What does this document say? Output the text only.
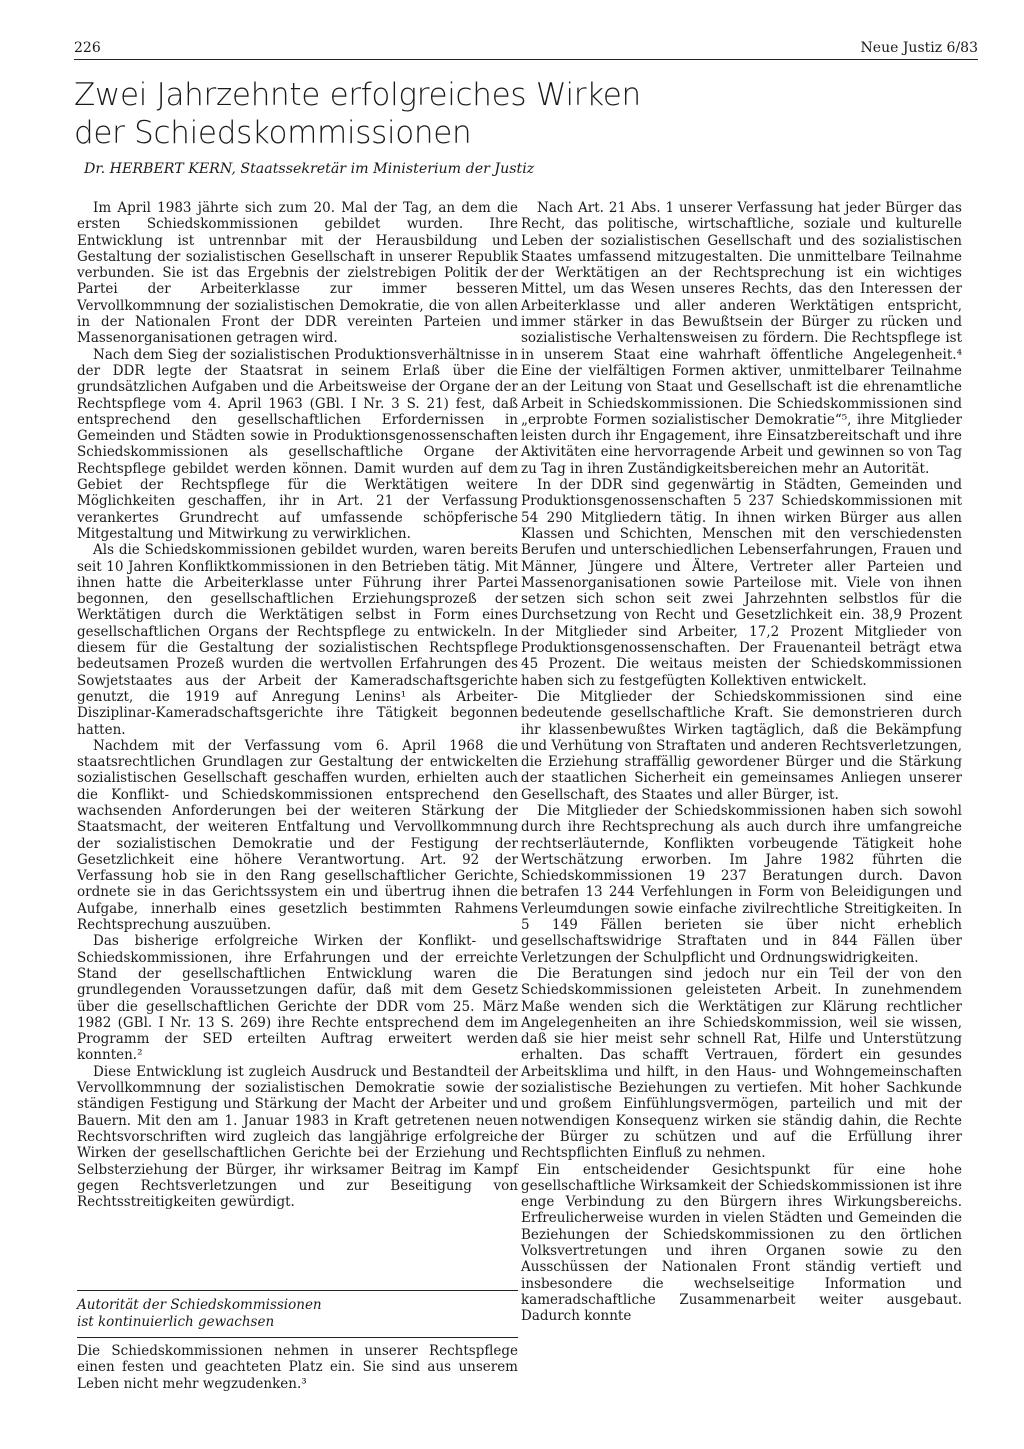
226	Neue Justiz 6/83
Zwei Jahrzehnte erfolgreiches Wirken
der Schiedskommissionen
Dr. HERBERT KERN, Staatssekretär im Ministerium der Justiz

Im April 1983 jährte sich zum 20. Mal der Tag, an dem die ersten Schiedskommissionen gebildet wurden. Ihre Entwicklung ist untrennbar mit der Herausbildung und Gestaltung der sozialistischen Gesellschaft in unserer Republik verbunden. Sie ist das Ergebnis der zielstrebigen Politik der Partei der Arbeiterklasse zur immer besseren Vervollkommnung der sozialistischen Demokratie, die von allen in der Nationalen Front der DDR vereinten Parteien und Massenorganisationen getragen wird.

Nach dem Sieg der sozialistischen Produktionsverhältnisse in der DDR legte der Staatsrat in seinem Erlaß über die grundsätzlichen Aufgaben und die Arbeitsweise der Organe der Rechtspflege vom 4. April 1963 (GBl. I Nr. 3 S. 21) fest, daß entsprechend den gesellschaftlichen Erfordernissen in Gemeinden und Städten sowie in Produktionsgenossenschaften Schiedskommissionen als gesellschaftliche Organe der Rechtspflege gebildet werden können. Damit wurden auf dem Gebiet der Rechtspflege für die Werktätigen weitere Möglichkeiten geschaffen, ihr in Art. 21 der Verfassung verankertes Grundrecht auf umfassende schöpferische Mitgestaltung und Mitwirkung zu verwirklichen.

Als die Schiedskommissionen gebildet wurden, waren bereits seit 10 Jahren Konfliktkommissionen in den Betrieben tätig. Mit ihnen hatte die Arbeiterklasse unter Führung ihrer Partei begonnen, den gesellschaftlichen Erziehungsprozeß der Werktätigen durch die Werktätigen selbst in Form eines gesellschaftlichen Organs der Rechtspflege zu entwickeln. In diesem für die Gestaltung der sozialistischen Rechtspflege bedeutsamen Prozeß wurden die wertvollen Erfahrungen des Sowjetstaates aus der Arbeit der Kameradschaftsgerichte genutzt, die 1919 auf Anregung Lenins¹ als Arbeiter-Disziplinar-Kameradschaftsgerichte ihre Tätigkeit begonnen hatten.

Nachdem mit der Verfassung vom 6. April 1968 die staatsrechtlichen Grundlagen zur Gestaltung der entwickelten sozialistischen Gesellschaft geschaffen wurden, erhielten auch die Konflikt- und Schiedskommissionen entsprechend den wachsenden Anforderungen bei der weiteren Stärkung der Staatsmacht, der weiteren Entfaltung und Vervollkommnung der sozialistischen Demokratie und der Festigung der Gesetzlichkeit eine höhere Verantwortung. Art. 92 der Verfassung hob sie in den Rang gesellschaftlicher Gerichte, ordnete sie in das Gerichtssystem ein und übertrug ihnen die Aufgabe, innerhalb eines gesetzlich bestimmten Rahmens Rechtsprechung auszuüben.

Das bisherige erfolgreiche Wirken der Konflikt- und Schiedskommissionen, ihre Erfahrungen und der erreichte Stand der gesellschaftlichen Entwicklung waren die grundlegenden Voraussetzungen dafür, daß mit dem Gesetz über die gesellschaftlichen Gerichte der DDR vom 25. März 1982 (GBl. I Nr. 13 S. 269) ihre Rechte entsprechend dem im Programm der SED erteilten Auftrag erweitert werden konnten.²

Diese Entwicklung ist zugleich Ausdruck und Bestandteil der Vervollkommnung der sozialistischen Demokratie sowie der ständigen Festigung und Stärkung der Macht der Arbeiter und Bauern. Mit den am 1. Januar 1983 in Kraft getretenen neuen Rechtsvorschriften wird zugleich das langjährige erfolgreiche Wirken der gesellschaftlichen Gerichte bei der Erziehung und Selbsterziehung der Bürger, ihr wirksamer Beitrag im Kampf gegen Rechtsverletzungen und zur Beseitigung von Rechtsstreitigkeiten gewürdigt.

Autorität der Schiedskommissionen
ist kontinuierlich gewachsen

Die Schiedskommissionen nehmen in unserer Rechtspflege einen festen und geachteten Platz ein. Sie sind aus unserem Leben nicht mehr wegzudenken.³

Nach Art. 21 Abs. 1 unserer Verfassung hat jeder Bürger das Recht, das politische, wirtschaftliche, soziale und kulturelle Leben der sozialistischen Gesellschaft und des sozialistischen Staates umfassend mitzugestalten. Die unmittelbare Teilnahme der Werktätigen an der Rechtsprechung ist ein wichtiges Mittel, um das Wesen unseres Rechts, das den Interessen der Arbeiterklasse und aller anderen Werktätigen entspricht, immer stärker in das Bewußtsein der Bürger zu rücken und sozialistische Verhaltensweisen zu fördern. Die Rechtspflege ist in unserem Staat eine wahrhaft öffentliche Angelegenheit.⁴ Eine der vielfältigen Formen aktiver, unmittelbarer Teilnahme an der Leitung von Staat und Gesellschaft ist die ehrenamtliche Arbeit in Schiedskommissionen. Die Schiedskommissionen sind „erprobte Formen sozialistischer Demokratie“⁵, ihre Mitglieder leisten durch ihr Engagement, ihre Einsatzbereitschaft und ihre Aktivitäten eine hervorragende Arbeit und gewinnen so von Tag zu Tag in ihren Zuständigkeitsbereichen mehr an Autorität.

In der DDR sind gegenwärtig in Städten, Gemeinden und Produktionsgenossenschaften 5 237 Schiedskommissionen mit 54 290 Mitgliedern tätig. In ihnen wirken Bürger aus allen Klassen und Schichten, Menschen mit den verschiedensten Berufen und unterschiedlichen Lebenserfahrungen, Frauen und Männer, Jüngere und Ältere, Vertreter aller Parteien und Massenorganisationen sowie Parteilose mit. Viele von ihnen setzen sich schon seit zwei Jahrzehnten selbstlos für die Durchsetzung von Recht und Gesetzlichkeit ein. 38,9 Prozent der Mitglieder sind Arbeiter, 17,2 Prozent Mitglieder von Produktionsgenossenschaften. Der Frauenanteil beträgt etwa 45 Prozent. Die weitaus meisten der Schiedskommissionen haben sich zu festgefügten Kollektiven entwickelt.

Die Mitglieder der Schiedskommissionen sind eine bedeutende gesellschaftliche Kraft. Sie demonstrieren durch ihr klassenbewußtes Wirken tagtäglich, daß die Bekämpfung und Verhütung von Straftaten und anderen Rechtsverletzungen, die Erziehung straffällig gewordener Bürger und die Stärkung der staatlichen Sicherheit ein gemeinsames Anliegen unserer Gesellschaft, des Staates und aller Bürger, ist.

Die Mitglieder der Schiedskommissionen haben sich sowohl durch ihre Rechtsprechung als auch durch ihre umfangreiche rechtserläuternde, Konflikten vorbeugende Tätigkeit hohe Wertschätzung erworben. Im Jahre 1982 führten die Schiedskommissionen 19 237 Beratungen durch. Davon betrafen 13 244 Verfehlungen in Form von Beleidigungen und Verleumdungen sowie einfache zivilrechtliche Streitigkeiten. In 5 149 Fällen berieten sie über nicht erheblich gesellschaftswidrige Straftaten und in 844 Fällen über Verletzungen der Schulpflicht und Ordnungswidrigkeiten.

Die Beratungen sind jedoch nur ein Teil der von den Schiedskommissionen geleisteten Arbeit. In zunehmendem Maße wenden sich die Werktätigen zur Klärung rechtlicher Angelegenheiten an ihre Schiedskommission, weil sie wissen, daß sie hier meist sehr schnell Rat, Hilfe und Unterstützung erhalten. Das schafft Vertrauen, fördert ein gesundes Arbeitsklima und hilft, in den Haus- und Wohngemeinschaften sozialistische Beziehungen zu vertiefen. Mit hoher Sachkunde und großem Einfühlungsvermögen, parteilich und mit der notwendigen Konsequenz wirken sie ständig dahin, die Rechte der Bürger zu schützen und auf die Erfüllung ihrer Rechtspflichten Einfluß zu nehmen.

Ein entscheidender Gesichtspunkt für eine hohe gesellschaftliche Wirksamkeit der Schiedskommissionen ist ihre enge Verbindung zu den Bürgern ihres Wirkungsbereichs. Erfreulicherweise wurden in vielen Städten und Gemeinden die Beziehungen der Schiedskommissionen zu den örtlichen Volksvertretungen und ihren Organen sowie zu den Ausschüssen der Nationalen Front ständig vertieft und insbesondere die wechselseitige Information und kameradschaftliche Zusammenarbeit weiter ausgebaut. Dadurch konnte
